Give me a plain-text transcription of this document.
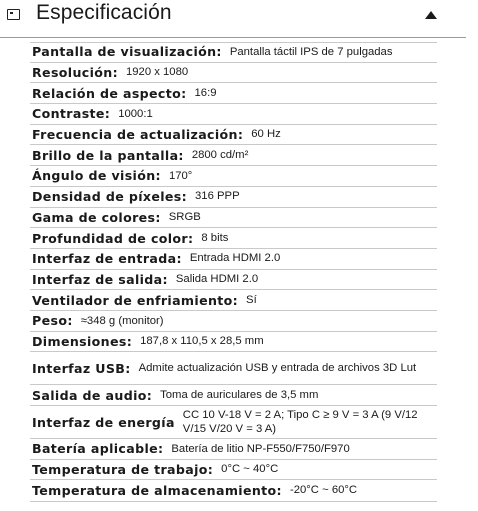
Especificación
Pantalla de visualización: Pantalla táctil IPS de 7 pulgadas
Resolución: 1920 x 1080
Relación de aspecto: 16:9
Contraste: 1000:1
Frecuencia de actualización: 60 Hz
Brillo de la pantalla: 2800 cd/m²
Ángulo de visión: 170°
Densidad de píxeles: 316 PPP
Gama de colores: SRGB
Profundidad de color: 8 bits
Interfaz de entrada: Entrada HDMI 2.0
Interfaz de salida: Salida HDMI 2.0
Ventilador de enfriamiento: Sí
Peso: ≈348 g (monitor)
Dimensiones: 187,8 x 110,5 x 28,5 mm
Interfaz USB: Admite actualización USB y entrada de archivos 3D Lut
Salida de audio: Toma de auriculares de 3,5 mm
Interfaz de energía CC 10 V-18 V = 2 A; Tipo C ≥ 9 V = 3 A (9 V/12 V/15 V/20 V = 3 A)
Batería aplicable: Batería de litio NP-F550/F750/F970
Temperatura de trabajo: 0°C ~ 40°C
Temperatura de almacenamiento: -20°C ~ 60°C
